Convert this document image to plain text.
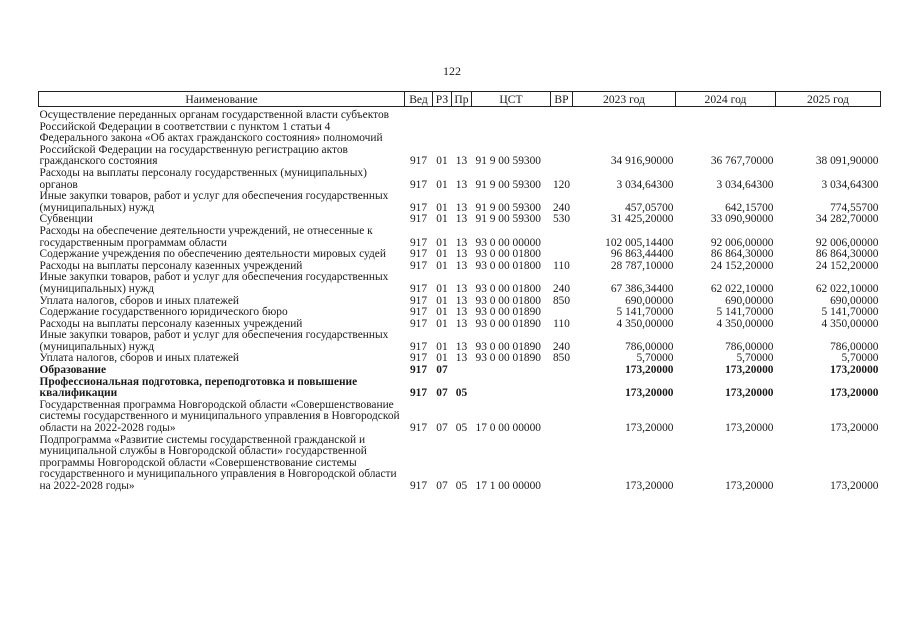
122
Наименование	Вед	РЗ	Пр	ЦСТ	ВР	2023 год	2024 год	2025 год
Осуществление переданных органам государственной власти субъектов Российской Федерации в соответствии с пунктом 1 статьи 4 Федерального закона «Об актах гражданского состояния» полномочий Российской Федерации на государственную регистрацию актов гражданского состояния	917	01	13	91 9 00 59300		34 916,90000	36 767,70000	38 091,90000
Расходы на выплаты персоналу государственных (муниципальных) органов	917	01	13	91 9 00 59300	120	3 034,64300	3 034,64300	3 034,64300
Иные закупки товаров, работ и услуг для обеспечения государственных (муниципальных) нужд	917	01	13	91 9 00 59300	240	457,05700	642,15700	774,55700
Субвенции	917	01	13	91 9 00 59300	530	31 425,20000	33 090,90000	34 282,70000
Расходы на обеспечение деятельности учреждений, не отнесенные к государственным программам области	917	01	13	93 0 00 00000		102 005,14400	92 006,00000	92 006,00000
Содержание учреждения по обеспечению деятельности мировых судей	917	01	13	93 0 00 01800		96 863,44400	86 864,30000	86 864,30000
Расходы на выплаты персоналу казенных учреждений	917	01	13	93 0 00 01800	110	28 787,10000	24 152,20000	24 152,20000
Иные закупки товаров, работ и услуг для обеспечения государственных (муниципальных) нужд	917	01	13	93 0 00 01800	240	67 386,34400	62 022,10000	62 022,10000
Уплата налогов, сборов и иных платежей	917	01	13	93 0 00 01800	850	690,00000	690,00000	690,00000
Содержание государственного юридического бюро	917	01	13	93 0 00 01890		5 141,70000	5 141,70000	5 141,70000
Расходы на выплаты персоналу казенных учреждений	917	01	13	93 0 00 01890	110	4 350,00000	4 350,00000	4 350,00000
Иные закупки товаров, работ и услуг для обеспечения государственных (муниципальных) нужд	917	01	13	93 0 00 01890	240	786,00000	786,00000	786,00000
Уплата налогов, сборов и иных платежей	917	01	13	93 0 00 01890	850	5,70000	5,70000	5,70000
Образование	917	07				173,20000	173,20000	173,20000
Профессиональная подготовка, переподготовка и повышение квалификации	917	07	05			173,20000	173,20000	173,20000
Государственная программа Новгородской области «Совершенствование системы государственного и муниципального управления в Новгородской области на 2022-2028 годы»	917	07	05	17 0 00 00000		173,20000	173,20000	173,20000
Подпрограмма «Развитие системы государственной гражданской и муниципальной службы в Новгородской области» государственной программы Новгородской области «Совершенствование системы государственного и муниципального управления в Новгородской области на 2022-2028 годы»	917	07	05	17 1 00 00000		173,20000	173,20000	173,20000
